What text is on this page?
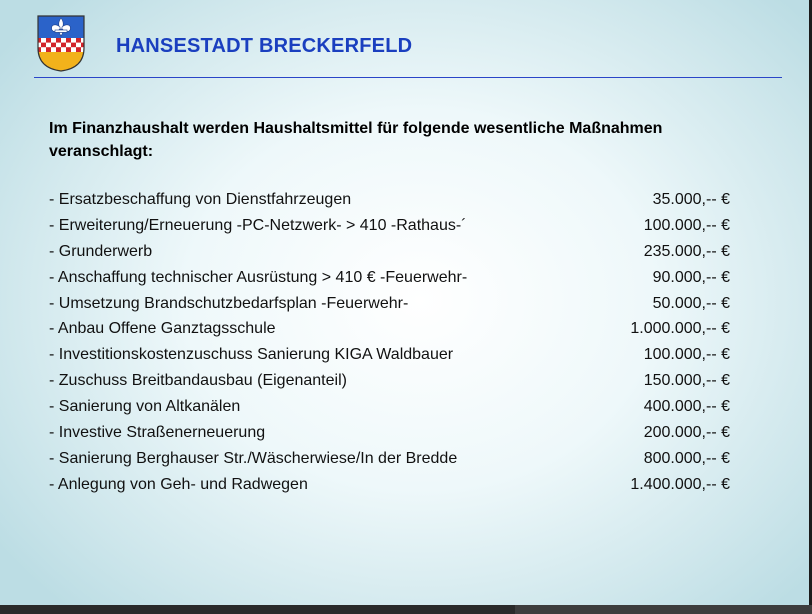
HANSESTADT BRECKERFELD
Im Finanzhaushalt werden Haushaltsmittel für folgende wesentliche Maßnahmen veranschlagt:
- Ersatzbeschaffung von Dienstfahrzeugen	35.000,-- €
- Erweiterung/Erneuerung -PC-Netzwerk- > 410 -Rathaus-´	100.000,-- €
- Grunderwerb	235.000,-- €
- Anschaffung technischer Ausrüstung > 410 € -Feuerwehr-	90.000,-- €
- Umsetzung Brandschutzbedarfsplan -Feuerwehr-	50.000,-- €
- Anbau Offene Ganztagsschule	1.000.000,-- €
- Investitionskostenzuschuss Sanierung KIGA Waldbauer	100.000,-- €
- Zuschuss Breitbandausbau (Eigenanteil)	150.000,-- €
- Sanierung von Altkanälen	400.000,-- €
- Investive Straßenerneuerung	200.000,-- €
- Sanierung Berghauser Str./Wäscherwiese/In der Bredde	800.000,-- €
- Anlegung von Geh- und Radwegen	1.400.000,-- €
